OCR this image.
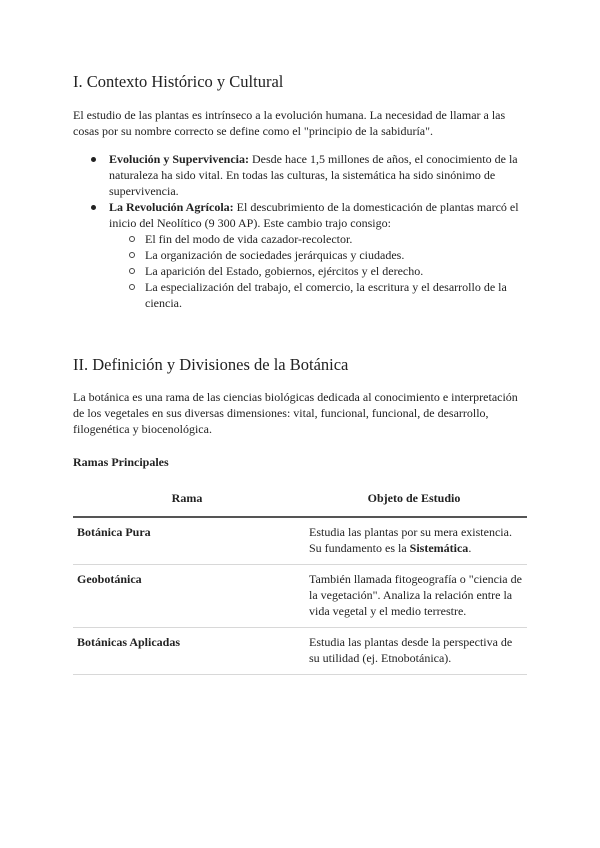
I. Contexto Histórico y Cultural

El estudio de las plantas es intrínseco a la evolución humana. La necesidad de llamar a las cosas por su nombre correcto se define como el "principio de la sabiduría".

Evolución y Supervivencia: Desde hace 1,5 millones de años, el conocimiento de la naturaleza ha sido vital. En todas las culturas, la sistemática ha sido sinónimo de supervivencia.
La Revolución Agrícola: El descubrimiento de la domesticación de plantas marcó el inicio del Neolítico (9 300 AP). Este cambio trajo consigo:
El fin del modo de vida cazador-recolector.
La organización de sociedades jerárquicas y ciudades.
La aparición del Estado, gobiernos, ejércitos y el derecho.
La especialización del trabajo, el comercio, la escritura y el desarrollo de la ciencia.
II. Definición y Divisiones de la Botánica

La botánica es una rama de las ciencias biológicas dedicada al conocimiento e interpretación de los vegetales en sus diversas dimensiones: vital, funcional, funcional, de desarrollo, filogenética y biocenológica.

Ramas Principales
Rama	Objeto de Estudio
Botánica Pura	Estudia las plantas por su mera existencia. Su fundamento es la Sistemática.
Geobotánica	También llamada fitogeografía o "ciencia de la vegetación". Analiza la relación entre la vida vegetal y el medio terrestre.
Botánicas Aplicadas	Estudia las plantas desde la perspectiva de su utilidad (ej. Etnobotánica).
